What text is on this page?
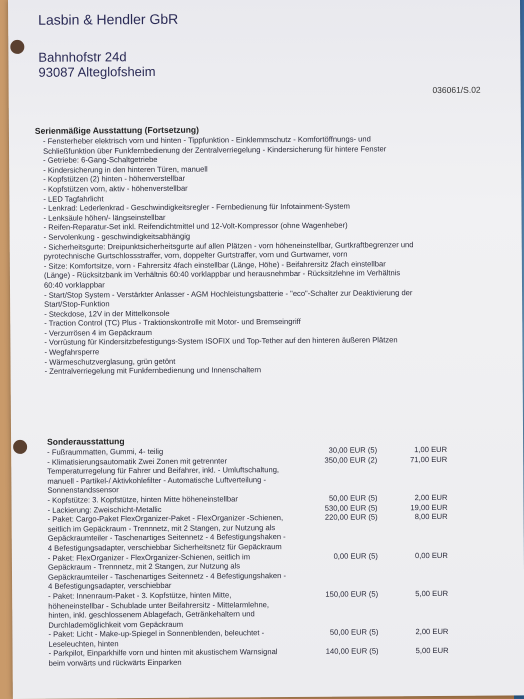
Lasbin & Hendler GbR
Bahnhofstr 24d
93087 Alteglofsheim
036061/S.02
Serienmäßige Ausstattung (Fortsetzung)
- Fensterheber elektrisch vorn und hinten - Tippfunktion - Einklemmschutz - Komfortöffnungs- und Schließfunktion über Funkfernbedienung der Zentralverriegelung - Kindersicherung für hintere Fenster
- Getriebe: 6-Gang-Schaltgetriebe
- Kindersicherung in den hinteren Türen, manuell
- Kopfstützen (2) hinten - höhenverstellbar
- Kopfstützen vorn, aktiv - höhenverstellbar
- LED Tagfahrlicht
- Lenkrad: Lederlenkrad - Geschwindigkeitsregler - Fernbedienung für Infotainment-System
- Lenksäule höhen/- längseinstellbar
- Reifen-Reparatur-Set inkl. Reifendichtmittel und 12-Volt-Kompressor (ohne Wagenheber)
- Servolenkung - geschwindigkeitsabhängig
- Sicherheitsgurte: Dreipunktsicherheitsgurte auf allen Plätzen - vorn höheneinstellbar, Gurtkraftbegrenzer und pyrotechnische Gurtschlossstraffer, vorn, doppelter Gurtstraffer, vorn und Gurtwarner, vorn
- Sitze: Komfortsitze, vorn - Fahrersitz 4fach einstellbar (Länge, Höhe) - Beifahrersitz 2fach einstellbar (Länge) - Rücksitzbank im Verhältnis 60:40 vorklappbar und herausnehmbar - Rücksitzlehne im Verhältnis 60:40 vorklappbar
- Start/Stop System - Verstärkter Anlasser - AGM Hochleistungsbatterie - "eco"-Schalter zur Deaktivierung der Start/Stop-Funktion
- Steckdose, 12V in der Mittelkonsole
- Traction Control (TC) Plus - Traktionskontrolle mit Motor- und Bremseingriff
- Verzurrösen 4 im Gepäckraum
- Vorrüstung für Kindersitzbefestigungs-System ISOFIX und Top-Tether auf den hinteren äußeren Plätzen
- Wegfahrsperre
- Wärmeschutzverglasung, grün getönt
- Zentralverriegelung mit Funkfernbedienung und Innenschaltern
Sonderausstattung
- Fußraummatten, Gummi, 4- teilig	30,00 EUR (5)	1,00 EUR
- Klimatisierungsautomatik Zwei Zonen mit getrennter Temperaturregelung für Fahrer und Beifahrer, inkl. - Umluftschaltung, manuell - Partikel-/ Aktivkohlefilter - Automatische Luftverteilung - Sonnenstandssensor
350,00 EUR (2)	71,00 EUR
- Kopfstütze: 3. Kopfstütze, hinten Mitte höheneinstellbar	50,00 EUR (5)	2,00 EUR
- Lackierung: Zweischicht-Metallic	530,00 EUR (5)	19,00 EUR
- Paket: Cargo-Paket FlexOrganizer-Paket - FlexOrganizer -Schienen, seitlich im Gepäckraum - Trennnetz, mit 2 Stangen, zur Nutzung als Gepäckraumteiler - Taschenartiges Seitennetz - 4 Befestigungshaken - 4 Befestigungsadapter, verschiebbar Sicherheitsnetz für Gepäckraum
220,00 EUR (5)	8,00 EUR
- Paket: FlexOrganizer - FlexOrganizer-Schienen, seitlich im Gepäckraum - Trennnetz, mit 2 Stangen, zur Nutzung als Gepäckraumteiler - Taschenartiges Seitennetz - 4 Befestigungshaken - 4 Befestigungsadapter, verschiebbar
0,00 EUR (5)	0,00 EUR
- Paket: Innenraum-Paket - 3. Kopfstütze, hinten Mitte, höheneinstellbar - Schublade unter Beifahrersitz - Mittelarmlehne, hinten, inkl. geschlossenem Ablagefach, Getränkehaltern und Durchlademöglichkeit vom Gepäckraum
150,00 EUR (5)	5,00 EUR
- Paket: Licht - Make-up-Spiegel in Sonnenblenden, beleuchtet - Leseleuchten, hinten
50,00 EUR (5)	2,00 EUR
- Parkpilot, Einparkhilfe vorn und hinten mit akustischem Warnsignal beim vorwärts und rückwärts Einparken
140,00 EUR (5)	5,00 EUR
